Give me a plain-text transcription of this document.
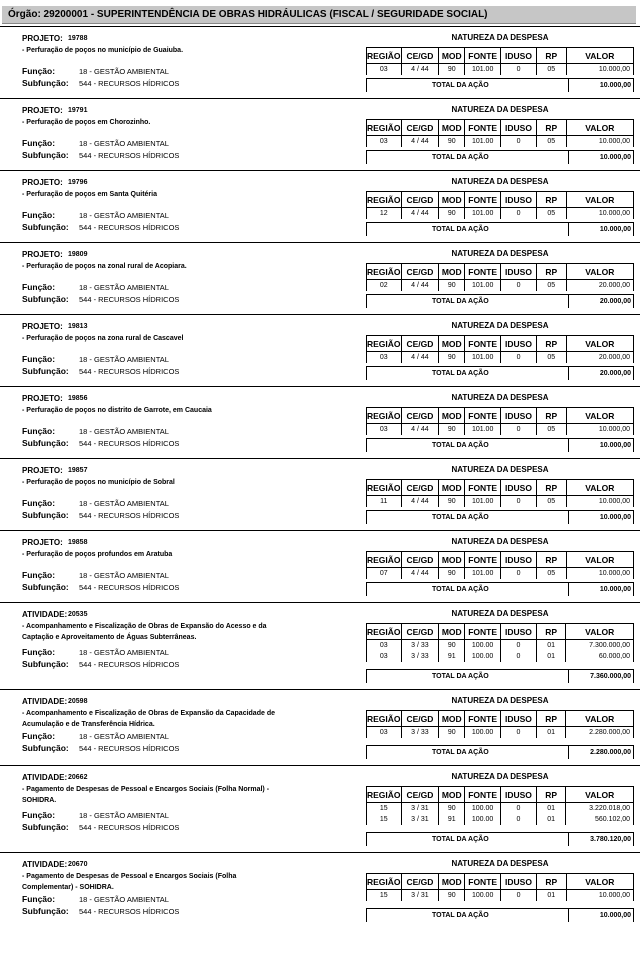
Órgão: 29200001 - SUPERINTENDÊNCIA DE OBRAS HIDRÁULICAS (FISCAL / SEGURIDADE SOCIAL)
PROJETO: 19788- Perfuração de poços no município de Guaiuba.
NATUREZA DA DESPESA
REGIÃO	CE/GD	MOD	FONTE	IDUSO	RP	VALOR
03	4 / 44	90	101.00	0	05	10.000,00
Função:	18 - GESTÃO AMBIENTAL
Subfunção: 544 - RECURSOS HÍDRICOS	TOTAL DA AÇÃO	10.000,00
PROJETO: 19791- Perfuração de poços em Chorozinho.
NATUREZA DA DESPESA
REGIÃO	CE/GD	MOD	FONTE	IDUSO	RP	VALOR
03	4 / 44	90	101.00	0	05	10.000,00
Função:	18 - GESTÃO AMBIENTAL
Subfunção: 544 - RECURSOS HÍDRICOS	TOTAL DA AÇÃO	10.000,00
PROJETO: 19796- Perfuração de poços em Santa Quitéria
NATUREZA DA DESPESA
REGIÃO	CE/GD	MOD	FONTE	IDUSO	RP	VALOR
12	4 / 44	90	101.00	0	05	10.000,00
Função:	18 - GESTÃO AMBIENTAL
Subfunção: 544 - RECURSOS HÍDRICOS	TOTAL DA AÇÃO	10.000,00
PROJETO: 19809- Perfuração de poços na zonal rural de Acopiara.
NATUREZA DA DESPESA
REGIÃO	CE/GD	MOD	FONTE	IDUSO	RP	VALOR
02	4 / 44	90	101.00	0	05	20.000,00
Função:	18 - GESTÃO AMBIENTAL
Subfunção: 544 - RECURSOS HÍDRICOS	TOTAL DA AÇÃO	20.000,00
PROJETO: 19813- Perfuração de poços na zona rural de Cascavel
NATUREZA DA DESPESA
REGIÃO	CE/GD	MOD	FONTE	IDUSO	RP	VALOR
03	4 / 44	90	101.00	0	05	20.000,00
Função:	18 - GESTÃO AMBIENTAL
Subfunção: 544 - RECURSOS HÍDRICOS	TOTAL DA AÇÃO	20.000,00
PROJETO: 19856- Perfuração de poços no distrito de Garrote, em Caucaia
NATUREZA DA DESPESA
REGIÃO	CE/GD	MOD	FONTE	IDUSO	RP	VALOR
03	4 / 44	90	101.00	0	05	10.000,00
Função:	18 - GESTÃO AMBIENTAL
Subfunção: 544 - RECURSOS HÍDRICOS	TOTAL DA AÇÃO	10.000,00
PROJETO: 19857- Perfuração de poços no município de Sobral
NATUREZA DA DESPESA
REGIÃO	CE/GD	MOD	FONTE	IDUSO	RP	VALOR
11	4 / 44	90	101.00	0	05	10.000,00
Função:	18 - GESTÃO AMBIENTAL
Subfunção: 544 - RECURSOS HÍDRICOS	TOTAL DA AÇÃO	10.000,00
PROJETO: 19858- Perfuração de poços profundos em Aratuba
NATUREZA DA DESPESA
REGIÃO	CE/GD	MOD	FONTE	IDUSO	RP	VALOR
07	4 / 44	90	101.00	0	05	10.000,00
Função:	18 - GESTÃO AMBIENTAL
Subfunção: 544 - RECURSOS HÍDRICOS	TOTAL DA AÇÃO	10.000,00
ATIVIDADE:20535- Acompanhamento e Fiscalização de Obras de Expansão do Acesso e da Captação e Aproveitamento de Águas Subterrâneas.
NATUREZA DA DESPESA
REGIÃO	CE/GD	MOD	FONTE	IDUSO	RP	VALOR
03	3 / 33	90	100.00	0	01	7.300.000,00
03	3 / 33	91	100.00	0	01	60.000,00
Função:	18 - GESTÃO AMBIENTAL
Subfunção: 544 - RECURSOS HÍDRICOS
TOTAL DA AÇÃO	7.360.000,00
ATIVIDADE:20598- Acompanhamento e Fiscalização de Obras de Expansão da Capacidade de Acumulação e de Transferência Hídrica.
NATUREZA DA DESPESA
REGIÃO	CE/GD	MOD	FONTE	IDUSO	RP	VALOR
03	3 / 33	90	100.00	0	01	2.280.000,00
Função:	18 - GESTÃO AMBIENTAL
Subfunção: 544 - RECURSOS HÍDRICOS	TOTAL DA AÇÃO	2.280.000,00
ATIVIDADE:20662- Pagamento de Despesas de Pessoal e Encargos Sociais (Folha Normal) - SOHIDRA.
NATUREZA DA DESPESA
REGIÃO	CE/GD	MOD	FONTE	IDUSO	RP	VALOR
15	3 / 31	90	100.00	0	01	3.220.018,00
15	3 / 31	91	100.00	0	01	560.102,00
Função:	18 - GESTÃO AMBIENTAL
Subfunção: 544 - RECURSOS HÍDRICOS
TOTAL DA AÇÃO	3.780.120,00
ATIVIDADE:20670- Pagamento de Despesas de Pessoal e Encargos Sociais (Folha Complementar) - SOHIDRA.
NATUREZA DA DESPESA
REGIÃO	CE/GD	MOD	FONTE	IDUSO	RP	VALOR
15	3 / 31	90	100.00	0	01	10.000,00
Função:	18 - GESTÃO AMBIENTAL
Subfunção: 544 - RECURSOS HÍDRICOS	TOTAL DA AÇÃO	10.000,00
